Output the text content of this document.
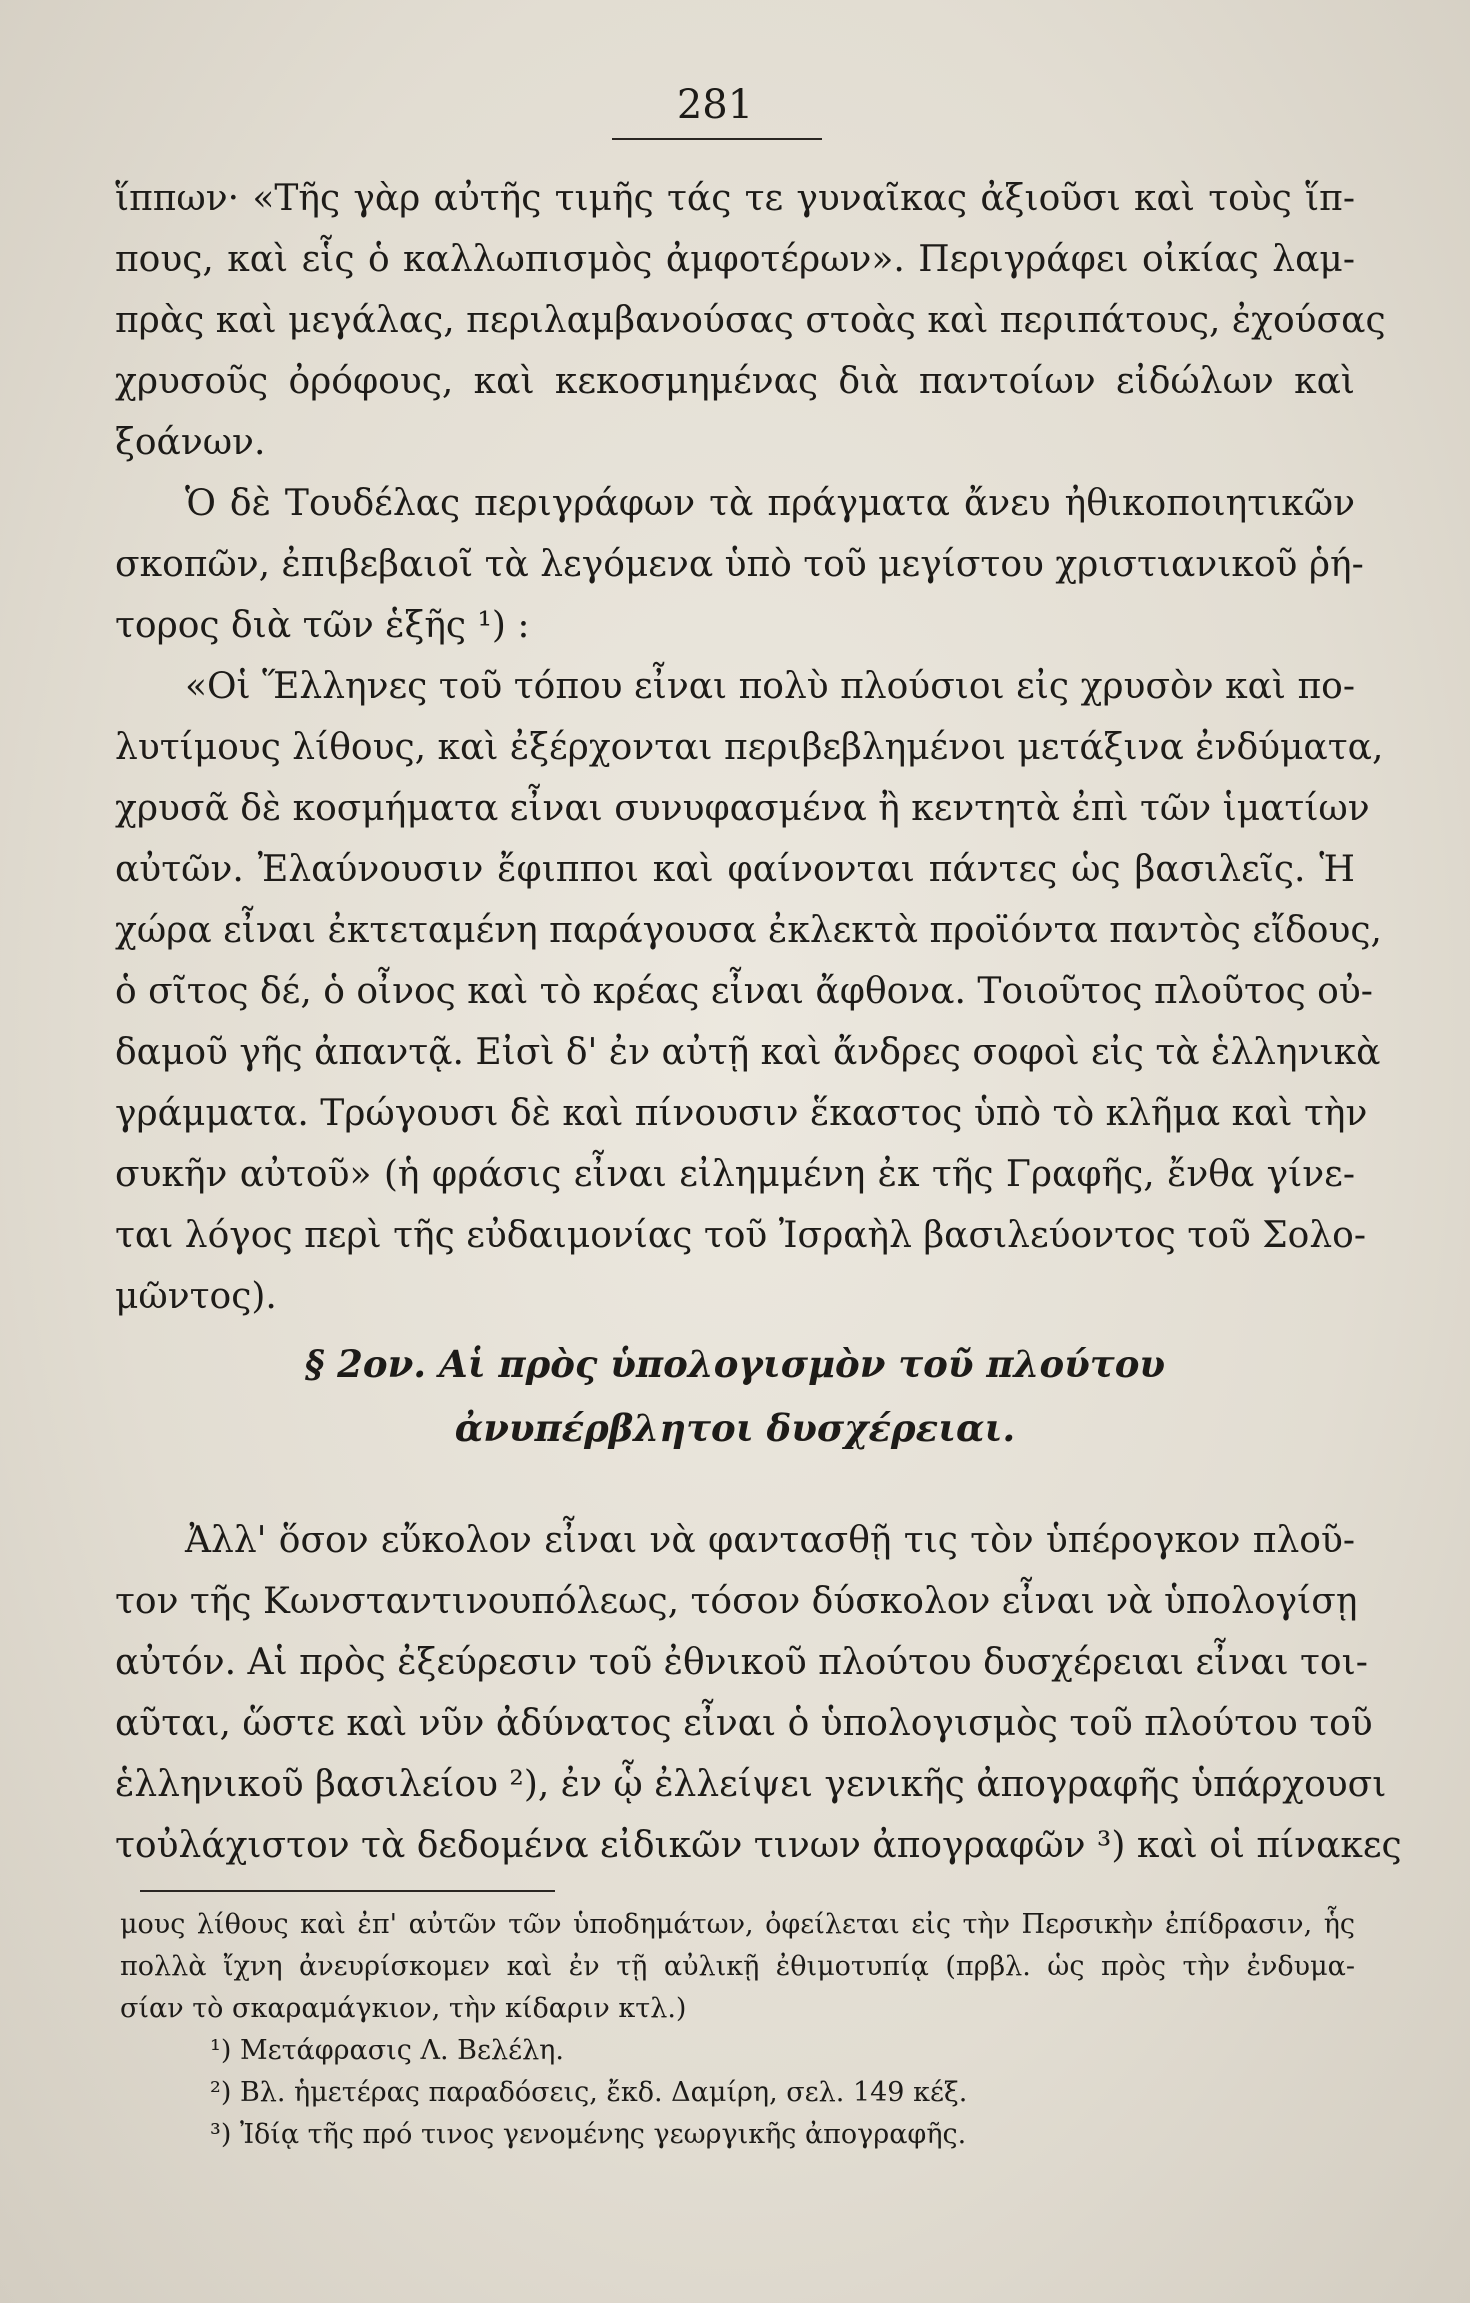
281
ἵππων· «Τῆς γὰρ αὐτῆς τιμῆς τάς τε γυναῖκας ἀξιοῦσι καὶ τοὺς ἵπ-
πους, καὶ εἷς ὁ καλλωπισμὸς ἀμφοτέρων». Περιγράφει οἰκίας λαμ-
πρὰς καὶ μεγάλας, περιλαμβανούσας στοὰς καὶ περιπάτους, ἐχούσας
χρυσοῦς ὀρόφους, καὶ κεκοσμημένας διὰ παντοίων εἰδώλων καὶ
ξοάνων.
Ὁ δὲ Τουδέλας περιγράφων τὰ πράγματα ἄνευ ἠθικοποιητικῶν
σκοπῶν, ἐπιβεβαιοῖ τὰ λεγόμενα ὑπὸ τοῦ μεγίστου χριστιανικοῦ ῥή-
τορος διὰ τῶν ἑξῆς ¹) :
«Οἱ Ἕλληνες τοῦ τόπου εἶναι πολὺ πλούσιοι εἰς χρυσὸν καὶ πο-
λυτίμους λίθους, καὶ ἐξέρχονται περιβεβλημένοι μετάξινα ἐνδύματα,
χρυσᾶ δὲ κοσμήματα εἶναι συνυφασμένα ἢ κεντητὰ ἐπὶ τῶν ἱματίων
αὐτῶν. Ἐλαύνουσιν ἔφιπποι καὶ φαίνονται πάντες ὡς βασιλεῖς. Ἡ
χώρα εἶναι ἐκτεταμένη παράγουσα ἐκλεκτὰ προϊόντα παντὸς εἴδους,
ὁ σῖτος δέ, ὁ οἶνος καὶ τὸ κρέας εἶναι ἄφθονα. Τοιοῦτος πλοῦτος οὐ-
δαμοῦ γῆς ἀπαντᾷ. Εἰσὶ δ' ἐν αὐτῇ καὶ ἄνδρες σοφοὶ εἰς τὰ ἑλληνικὰ
γράμματα. Τρώγουσι δὲ καὶ πίνουσιν ἕκαστος ὑπὸ τὸ κλῆμα καὶ τὴν
συκῆν αὐτοῦ» (ἡ φράσις εἶναι εἰλημμένη ἐκ τῆς Γραφῆς, ἔνθα γίνε-
ται λόγος περὶ τῆς εὐδαιμονίας τοῦ Ἰσραὴλ βασιλεύοντος τοῦ Σολο-
μῶντος).
§ 2ον. Αἱ πρὸς ὑπολογισμὸν τοῦ πλούτου
ἀνυπέρβλητοι δυσχέρειαι.
Ἀλλ' ὅσον εὔκολον εἶναι νὰ φαντασθῇ τις τὸν ὑπέρογκον πλοῦ-
τον τῆς Κωνσταντινουπόλεως, τόσον δύσκολον εἶναι νὰ ὑπολογίσῃ
αὐτόν. Αἱ πρὸς ἐξεύρεσιν τοῦ ἐθνικοῦ πλούτου δυσχέρειαι εἶναι τοι-
αῦται, ὥστε καὶ νῦν ἀδύνατος εἶναι ὁ ὑπολογισμὸς τοῦ πλούτου τοῦ
ἑλληνικοῦ βασιλείου ²), ἐν ᾧ ἐλλείψει γενικῆς ἀπογραφῆς ὑπάρχουσι
τοὐλάχιστον τὰ δεδομένα εἰδικῶν τινων ἀπογραφῶν ³) καὶ οἱ πίνακες
μους λίθους καὶ ἐπ' αὐτῶν τῶν ὑποδημάτων, ὀφείλεται εἰς τὴν Περσικὴν ἐπίδρασιν, ἧς
πολλὰ ἴχνη ἀνευρίσκομεν καὶ ἐν τῇ αὐλικῇ ἐθιμοτυπίᾳ (πρβλ. ὡς πρὸς τὴν ἐνδυμα-
σίαν τὸ σκαραμάγκιον, τὴν κίδαριν κτλ.)
¹) Μετάφρασις Λ. Βελέλη.
²) Βλ. ἡμετέρας παραδόσεις, ἔκδ. Δαμίρη, σελ. 149 κέξ.
³) Ἰδίᾳ τῆς πρό τινος γενομένης γεωργικῆς ἀπογραφῆς.
